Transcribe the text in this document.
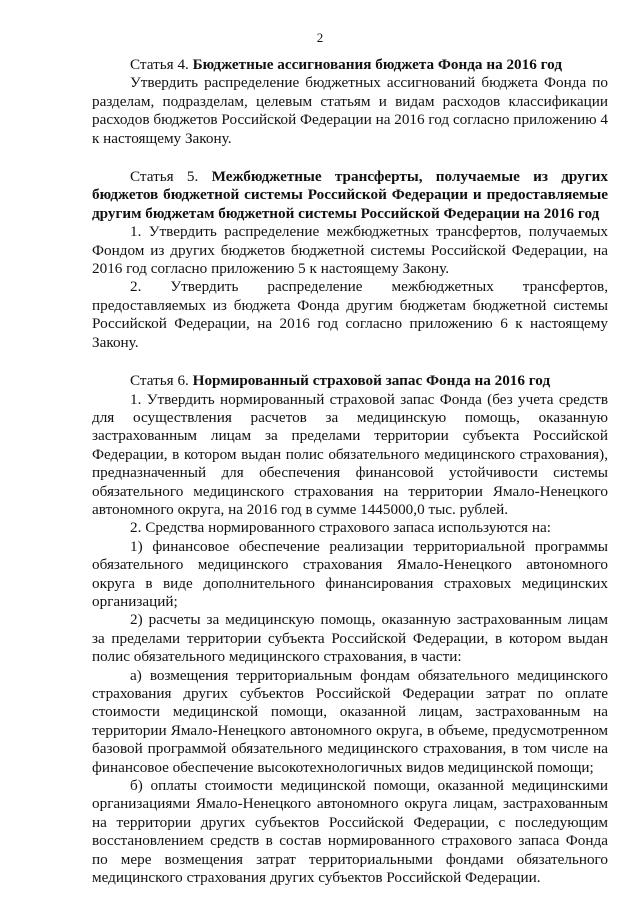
2

Статья 4. Бюджетные ассигнования бюджета Фонда на 2016 год

Утвердить распределение бюджетных ассигнований бюджета Фонда по разделам, подразделам, целевым статьям и видам расходов классификации расходов бюджетов Российской Федерации на 2016 год согласно приложению 4 к настоящему Закону.

Статья 5. Межбюджетные трансферты, получаемые из других бюджетов бюджетной системы Российской Федерации и предоставляемые другим бюджетам бюджетной системы Российской Федерации на 2016 год

1. Утвердить распределение межбюджетных трансфертов, получаемых Фондом из других бюджетов бюджетной системы Российской Федерации, на 2016 год согласно приложению 5 к настоящему Закону.

2. Утвердить распределение межбюджетных трансфертов, предоставляемых из бюджета Фонда другим бюджетам бюджетной системы Российской Федерации, на 2016 год согласно приложению 6 к настоящему Закону.

Статья 6. Нормированный страховой запас Фонда на 2016 год

1. Утвердить нормированный страховой запас Фонда (без учета средств для осуществления расчетов за медицинскую помощь, оказанную застрахованным лицам за пределами территории субъекта Российской Федерации, в котором выдан полис обязательного медицинского страхования), предназначенный для обеспечения финансовой устойчивости системы обязательного медицинского страхования на территории Ямало-Ненецкого автономного округа, на 2016 год в сумме 1445000,0 тыс. рублей.

2. Средства нормированного страхового запаса используются на:

1) финансовое обеспечение реализации территориальной программы обязательного медицинского страхования Ямало-Ненецкого автономного округа в виде дополнительного финансирования страховых медицинских организаций;

2) расчеты за медицинскую помощь, оказанную застрахованным лицам за пределами территории субъекта Российской Федерации, в котором выдан полис обязательного медицинского страхования, в части:

а) возмещения территориальным фондам обязательного медицинского страхования других субъектов Российской Федерации затрат по оплате стоимости медицинской помощи, оказанной лицам, застрахованным на территории Ямало-Ненецкого автономного округа, в объеме, предусмотренном базовой программой обязательного медицинского страхования, в том числе на финансовое обеспечение высокотехнологичных видов медицинской помощи;

б) оплаты стоимости медицинской помощи, оказанной медицинскими организациями Ямало-Ненецкого автономного округа лицам, застрахованным на территории других субъектов Российской Федерации, с последующим восстановлением средств в состав нормированного страхового запаса Фонда по мере возмещения затрат территориальными фондами обязательного медицинского страхования других субъектов Российской Федерации.
